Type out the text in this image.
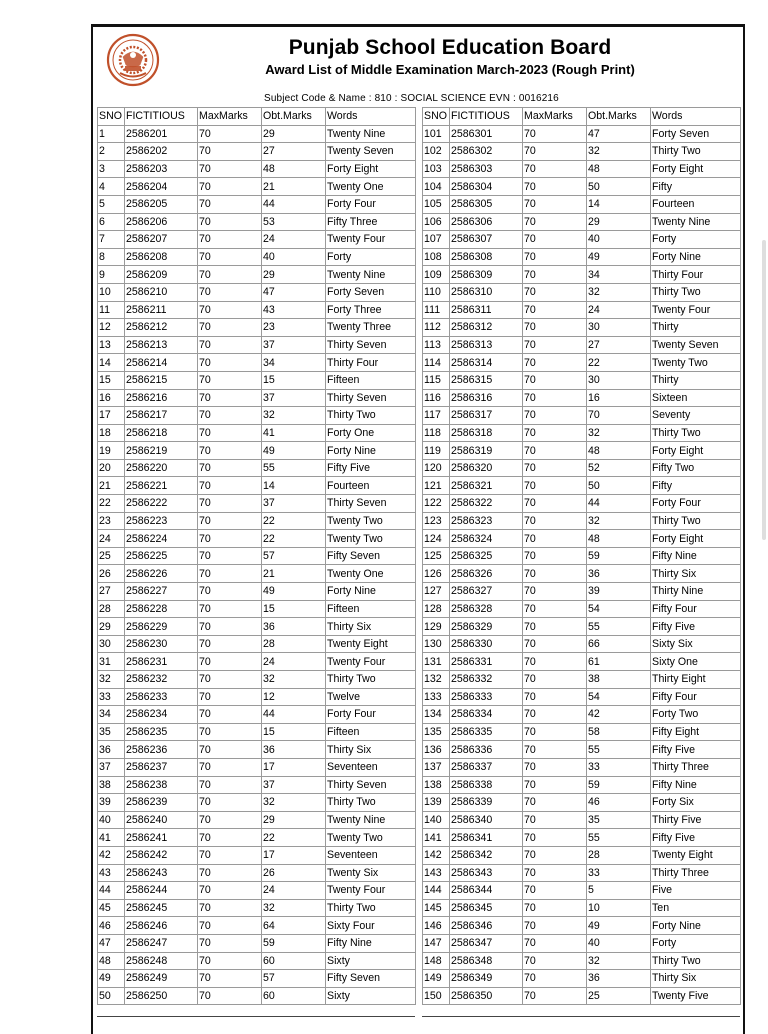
Punjab School Education Board
Award List of Middle Examination March-2023 (Rough Print)
Subject Code & Name : 810 : SOCIAL SCIENCE EVN : 0016216
SNO	FICTITIOUS	MaxMarks	Obt.Marks	Words
1	2586201	70	29	Twenty Nine
2	2586202	70	27	Twenty Seven
3	2586203	70	48	Forty Eight
4	2586204	70	21	Twenty One
5	2586205	70	44	Forty Four
6	2586206	70	53	Fifty Three
7	2586207	70	24	Twenty Four
8	2586208	70	40	Forty
9	2586209	70	29	Twenty Nine
10	2586210	70	47	Forty Seven
11	2586211	70	43	Forty Three
12	2586212	70	23	Twenty Three
13	2586213	70	37	Thirty Seven
14	2586214	70	34	Thirty Four
15	2586215	70	15	Fifteen
16	2586216	70	37	Thirty Seven
17	2586217	70	32	Thirty Two
18	2586218	70	41	Forty One
19	2586219	70	49	Forty Nine
20	2586220	70	55	Fifty Five
21	2586221	70	14	Fourteen
22	2586222	70	37	Thirty Seven
23	2586223	70	22	Twenty Two
24	2586224	70	22	Twenty Two
25	2586225	70	57	Fifty Seven
26	2586226	70	21	Twenty One
27	2586227	70	49	Forty Nine
28	2586228	70	15	Fifteen
29	2586229	70	36	Thirty Six
30	2586230	70	28	Twenty Eight
31	2586231	70	24	Twenty Four
32	2586232	70	32	Thirty Two
33	2586233	70	12	Twelve
34	2586234	70	44	Forty Four
35	2586235	70	15	Fifteen
36	2586236	70	36	Thirty Six
37	2586237	70	17	Seventeen
38	2586238	70	37	Thirty Seven
39	2586239	70	32	Thirty Two
40	2586240	70	29	Twenty Nine
41	2586241	70	22	Twenty Two
42	2586242	70	17	Seventeen
43	2586243	70	26	Twenty Six
44	2586244	70	24	Twenty Four
45	2586245	70	32	Thirty Two
46	2586246	70	64	Sixty Four
47	2586247	70	59	Fifty Nine
48	2586248	70	60	Sixty
49	2586249	70	57	Fifty Seven
50	2586250	70	60	Sixty
SNO	FICTITIOUS	MaxMarks	Obt.Marks	Words
101	2586301	70	47	Forty Seven
102	2586302	70	32	Thirty Two
103	2586303	70	48	Forty Eight
104	2586304	70	50	Fifty
105	2586305	70	14	Fourteen
106	2586306	70	29	Twenty Nine
107	2586307	70	40	Forty
108	2586308	70	49	Forty Nine
109	2586309	70	34	Thirty Four
110	2586310	70	32	Thirty Two
111	2586311	70	24	Twenty Four
112	2586312	70	30	Thirty
113	2586313	70	27	Twenty Seven
114	2586314	70	22	Twenty Two
115	2586315	70	30	Thirty
116	2586316	70	16	Sixteen
117	2586317	70	70	Seventy
118	2586318	70	32	Thirty Two
119	2586319	70	48	Forty Eight
120	2586320	70	52	Fifty Two
121	2586321	70	50	Fifty
122	2586322	70	44	Forty Four
123	2586323	70	32	Thirty Two
124	2586324	70	48	Forty Eight
125	2586325	70	59	Fifty Nine
126	2586326	70	36	Thirty Six
127	2586327	70	39	Thirty Nine
128	2586328	70	54	Fifty Four
129	2586329	70	55	Fifty Five
130	2586330	70	66	Sixty Six
131	2586331	70	61	Sixty One
132	2586332	70	38	Thirty Eight
133	2586333	70	54	Fifty Four
134	2586334	70	42	Forty Two
135	2586335	70	58	Fifty Eight
136	2586336	70	55	Fifty Five
137	2586337	70	33	Thirty Three
138	2586338	70	59	Fifty Nine
139	2586339	70	46	Forty Six
140	2586340	70	35	Thirty Five
141	2586341	70	55	Fifty Five
142	2586342	70	28	Twenty Eight
143	2586343	70	33	Thirty Three
144	2586344	70	5	Five
145	2586345	70	10	Ten
146	2586346	70	49	Forty Nine
147	2586347	70	40	Forty
148	2586348	70	32	Thirty Two
149	2586349	70	36	Thirty Six
150	2586350	70	25	Twenty Five
